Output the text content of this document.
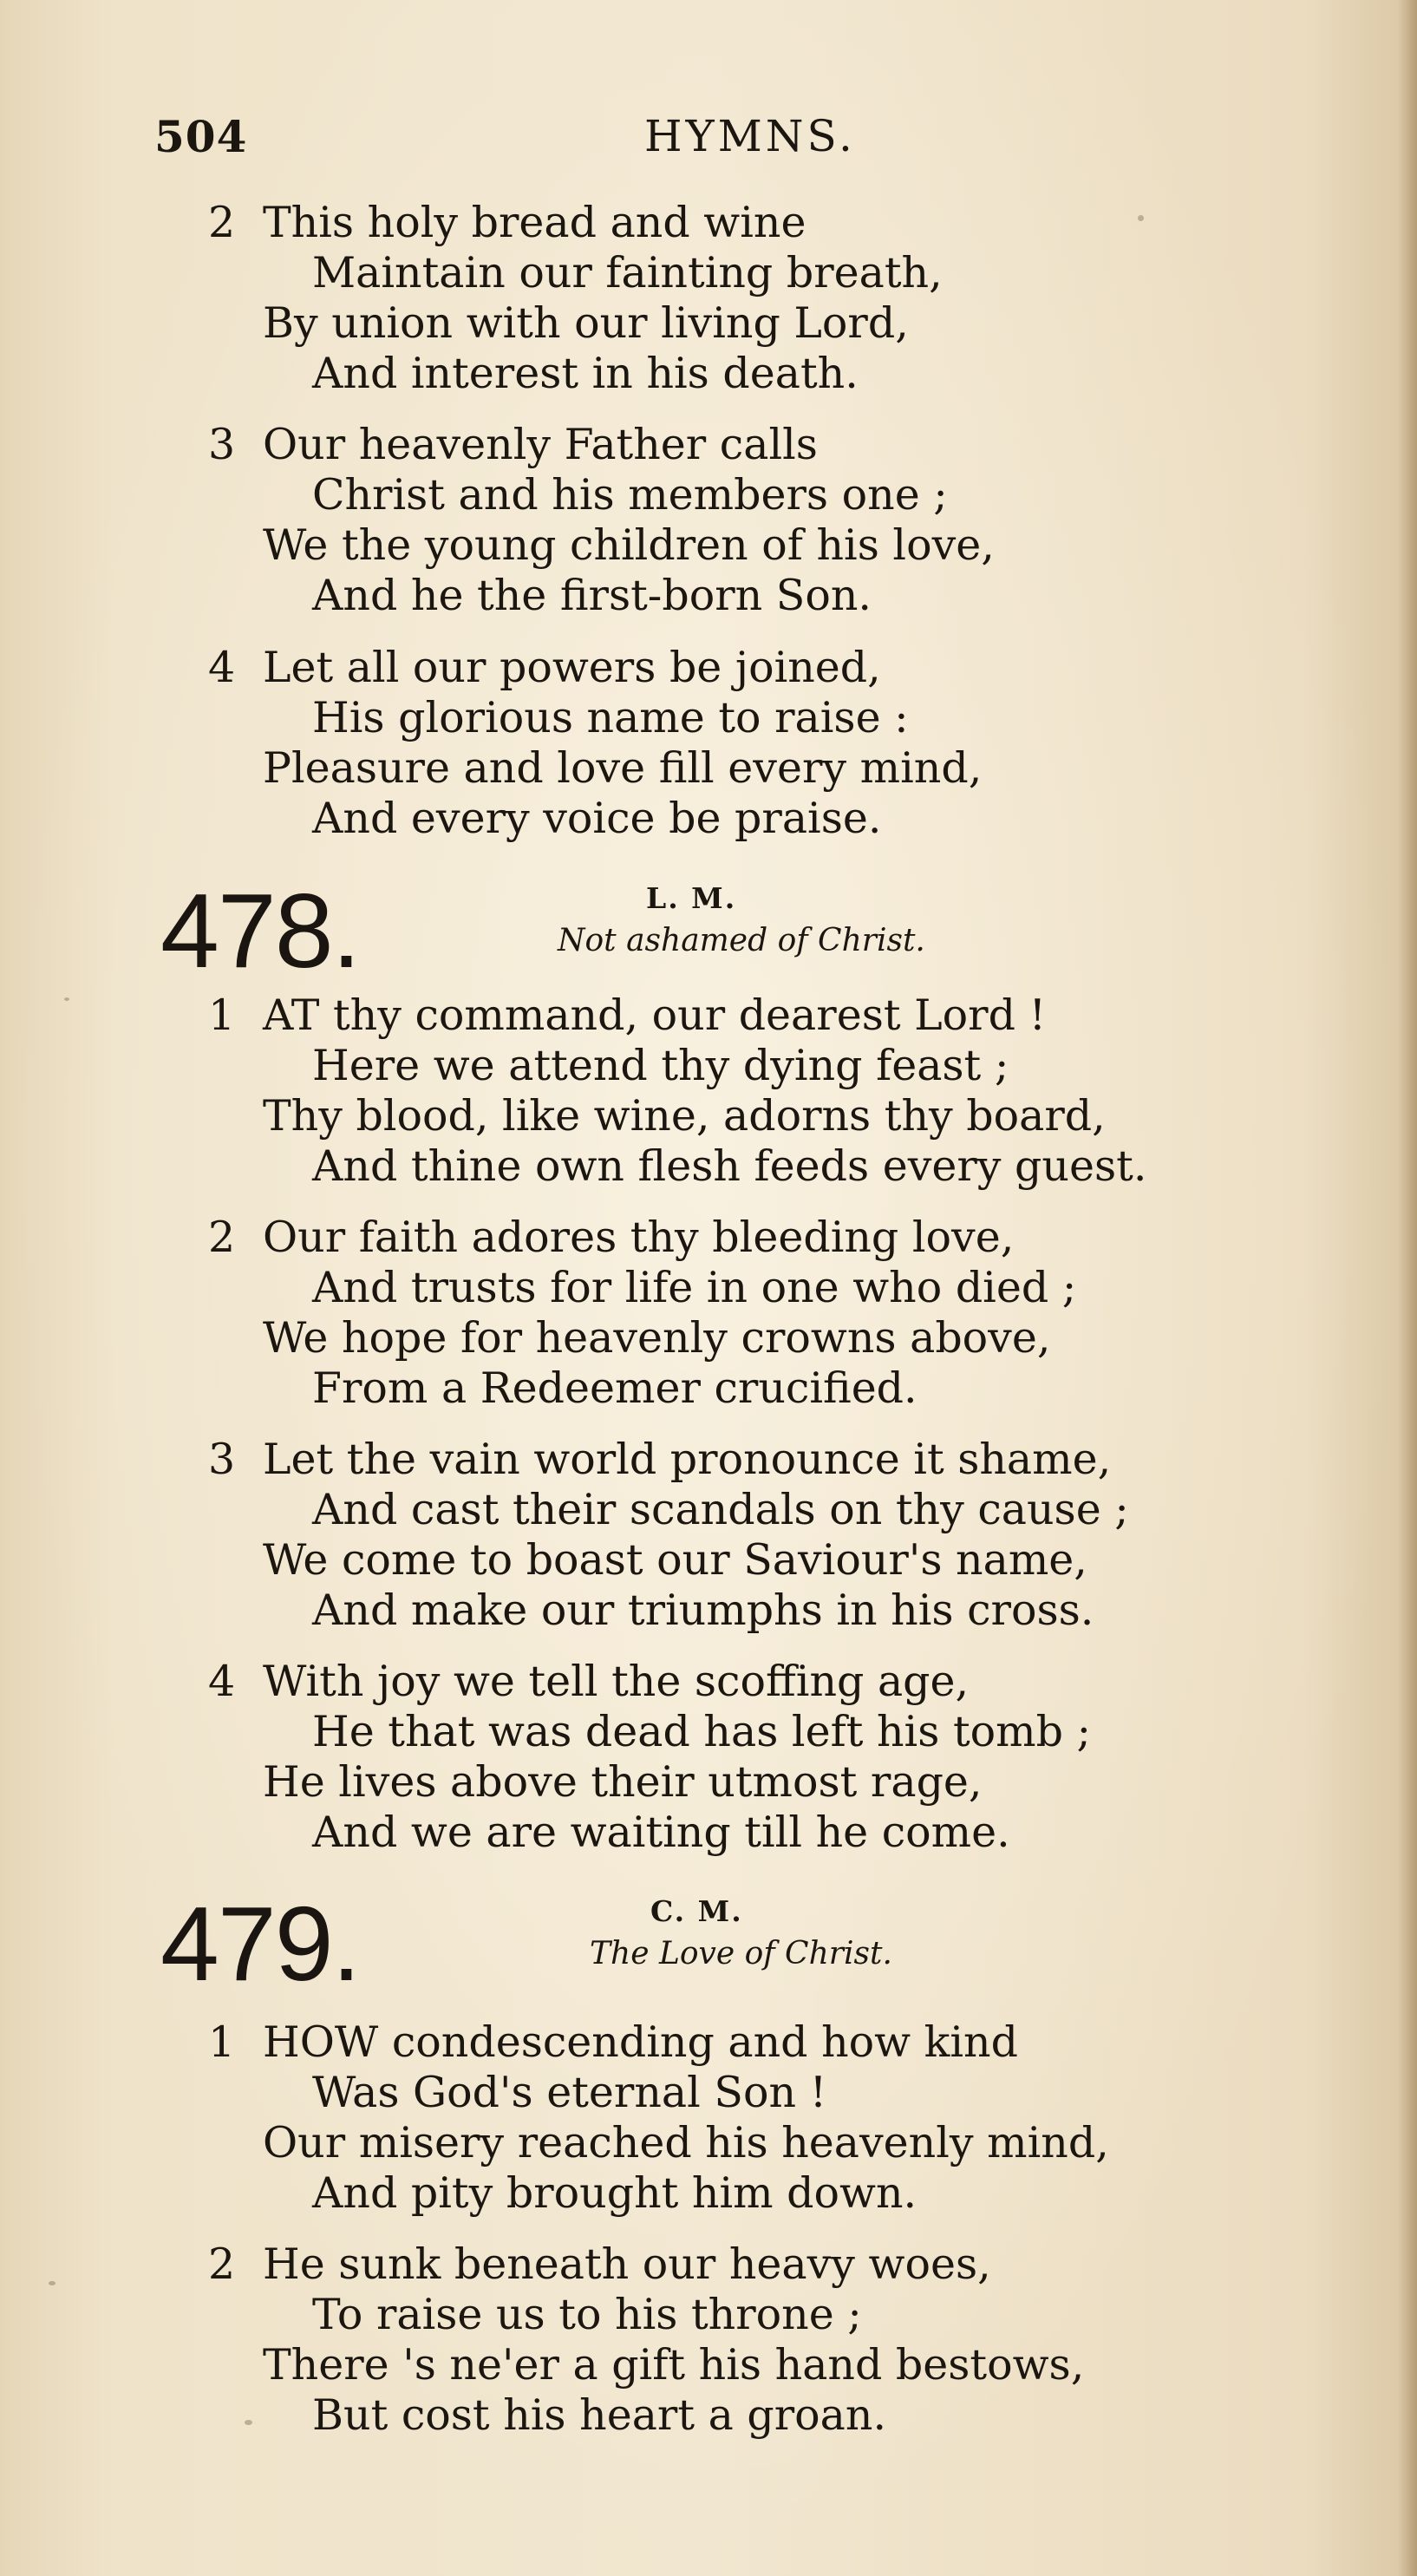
504	HYMNS.
2 This holy bread and wine
Maintain our fainting breath,
By union with our living Lord,
And interest in his death.
3 Our heavenly Father calls
Christ and his members one ;
We the young children of his love,
And he the first-born Son.
4 Let all our powers be joined,
His glorious name to raise :
Pleasure and love fill every mind,
And every voice be praise.
478.	L. M.
Not ashamed of Christ.
1 AT thy command, our dearest Lord !
Here we attend thy dying feast ;
Thy blood, like wine, adorns thy board,
And thine own flesh feeds every guest.
2 Our faith adores thy bleeding love,
And trusts for life in one who died ;
We hope for heavenly crowns above,
From a Redeemer crucified.
3 Let the vain world pronounce it shame,
And cast their scandals on thy cause ;
We come to boast our Saviour's name,
And make our triumphs in his cross.
4 With joy we tell the scoffing age,
He that was dead has left his tomb ;
He lives above their utmost rage,
And we are waiting till he come.
479.	C. M.
The Love of Christ.
1 HOW condescending and how kind
Was God's eternal Son !
Our misery reached his heavenly mind,
And pity brought him down.
2 He sunk beneath our heavy woes,
To raise us to his throne ;
There 's ne'er a gift his hand bestows,
But cost his heart a groan.
